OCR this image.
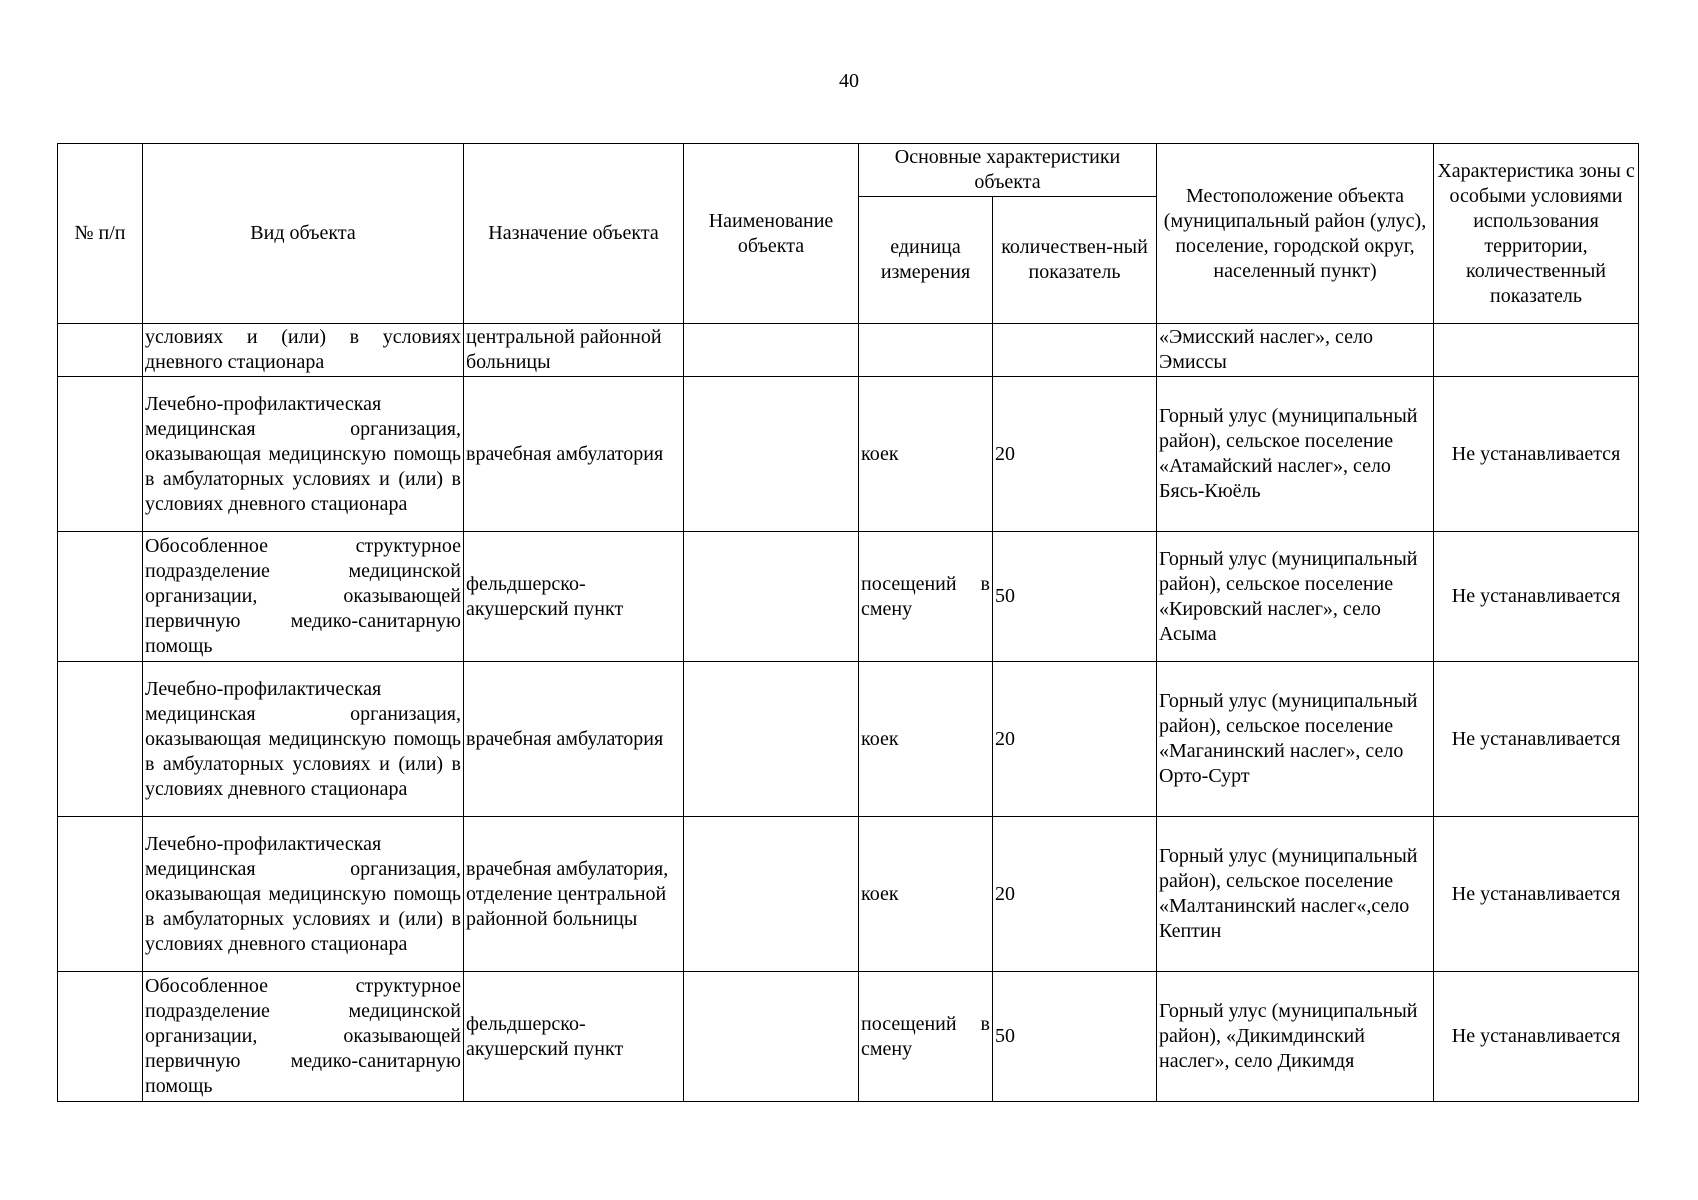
40
№ п/п	Вид объекта	Назначение объекта	Наименование объекта	Основные характеристики объекта		Местоположение объекта (муниципальный район (улус), поселение, городской округ, населенный пункт)	Характеристика зоны с особыми условиями использования территории, количественный показатель
				единица измерения	количествен-ный показатель		
	условиях и (или) в условиях дневного стационара	центральной районной больницы				«Эмисский наслег», село Эмиссы	
	Лечебно-профилактическая медицинская организация, оказывающая медицинскую помощь в амбулаторных условиях и (или) в условиях дневного стационара	врачебная амбулатория		коек	20	Горный улус (муниципальный район), сельское поселение «Атамайский наслег», село Бясь-Кюёль	Не устанавливается
	Обособленное структурное подразделение медицинской организации, оказывающей первичную медико-санитарную помощь	фельдшерско-акушерский пункт		посещений в смену	50	Горный улус (муниципальный район), сельское поселение «Кировский наслег», село Асыма	Не устанавливается
	Лечебно-профилактическая медицинская организация, оказывающая медицинскую помощь в амбулаторных условиях и (или) в условиях дневного стационара	врачебная амбулатория		коек	20	Горный улус (муниципальный район), сельское поселение «Маганинский наслег», село Орто-Сурт	Не устанавливается
	Лечебно-профилактическая медицинская организация, оказывающая медицинскую помощь в амбулаторных условиях и (или) в условиях дневного стационара	врачебная амбулатория, отделение центральной районной больницы		коек	20	Горный улус (муниципальный район), сельское поселение «Малтанинский наслег«,село Кептин	Не устанавливается
	Обособленное структурное подразделение медицинской организации, оказывающей первичную медико-санитарную помощь	фельдшерско-акушерский пункт		посещений в смену	50	Горный улус (муниципальный район), «Дикимдинский наслег», село Дикимдя	Не устанавливается
